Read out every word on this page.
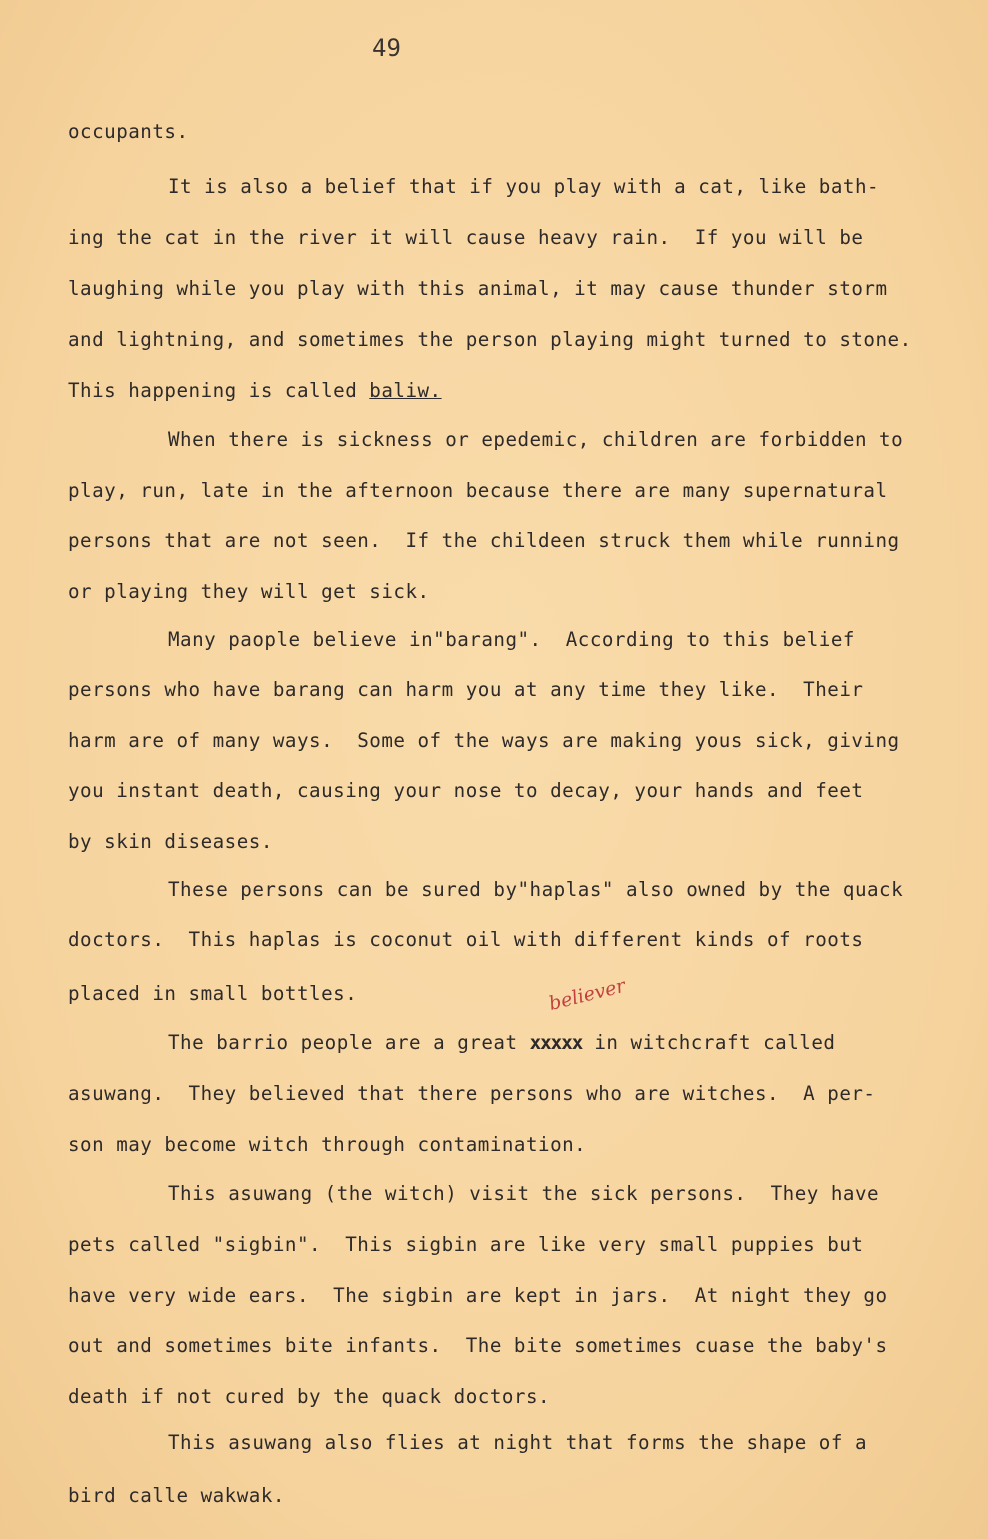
49
occupants.
It is also a belief that if you play with a cat, like bath-
ing the cat in the river it will cause heavy rain.  If you will be
laughing while you play with this animal, it may cause thunder storm
and lightning, and sometimes the person playing might turned to stone.
This happening is called baliw.
When there is sickness or epedemic, children are forbidden to
play, run, late in the afternoon because there are many supernatural
persons that are not seen.  If the childeen struck them while running
or playing they will get sick.
Many paople believe in"barang".  According to this belief
persons who have barang can harm you at any time they like.  Their
harm are of many ways.  Some of the ways are making yous sick, giving
you instant death, causing your nose to decay, your hands and feet
by skin diseases.
These persons can be sured by"haplas" also owned by the quack
doctors.  This haplas is coconut oil with different kinds of roots
placed in small bottles.	believer
The barrio people are a great xxxxx in witchcraft called
asuwang.  They believed that there persons who are witches.  A per-
son may become witch through contamination.
This asuwang (the witch) visit the sick persons.  They have
pets called "sigbin".  This sigbin are like very small puppies but
have very wide ears.  The sigbin are kept in jars.  At night they go
out and sometimes bite infants.  The bite sometimes cuase the baby's
death if not cured by the quack doctors.
This asuwang also flies at night that forms the shape of a
bird calle wakwak.
